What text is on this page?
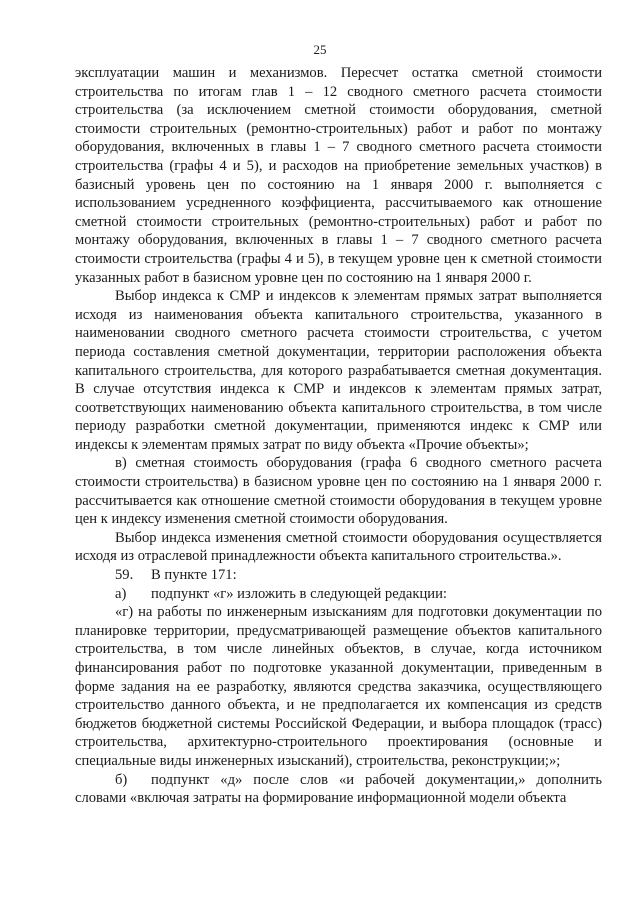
25

эксплуатации машин и механизмов. Пересчет остатка сметной стоимости строительства по итогам глав 1 – 12 сводного сметного расчета стоимости строительства (за исключением сметной стоимости оборудования, сметной стоимости строительных (ремонтно-строительных) работ и работ по монтажу оборудования, включенных в главы 1 – 7 сводного сметного расчета стоимости строительства (графы 4 и 5), и расходов на приобретение земельных участков) в базисный уровень цен по состоянию на 1 января 2000 г. выполняется с использованием усредненного коэффициента, рассчитываемого как отношение сметной стоимости строительных (ремонтно-строительных) работ и работ по монтажу оборудования, включенных в главы 1 – 7 сводного сметного расчета стоимости строительства (графы 4 и 5), в текущем уровне цен к сметной стоимости указанных работ в базисном уровне цен по состоянию на 1 января 2000 г.

Выбор индекса к СМР и индексов к элементам прямых затрат выполняется исходя из наименования объекта капитального строительства, указанного в наименовании сводного сметного расчета стоимости строительства, с учетом периода составления сметной документации, территории расположения объекта капитального строительства, для которого разрабатывается сметная документация. В случае отсутствия индекса к СМР и индексов к элементам прямых затрат, соответствующих наименованию объекта капитального строительства, в том числе периоду разработки сметной документации, применяются индекс к СМР или индексы к элементам прямых затрат по виду объекта «Прочие объекты»;

в) сметная стоимость оборудования (графа 6 сводного сметного расчета стоимости строительства) в базисном уровне цен по состоянию на 1 января 2000 г. рассчитывается как отношение сметной стоимости оборудования в текущем уровне цен к индексу изменения сметной стоимости оборудования.

Выбор индекса изменения сметной стоимости оборудования осуществляется исходя из отраслевой принадлежности объекта капитального строительства.».

59. В пункте 171:

а) подпункт «г» изложить в следующей редакции:

«г) на работы по инженерным изысканиям для подготовки документации по планировке территории, предусматривающей размещение объектов капитального строительства, в том числе линейных объектов, в случае, когда источником финансирования работ по подготовке указанной документации, приведенным в форме задания на ее разработку, являются средства заказчика, осуществляющего строительство данного объекта, и не предполагается их компенсация из средств бюджетов бюджетной системы Российской Федерации, и выбора площадок (трасс) строительства, архитектурно-строительного проектирования (основные и специальные виды инженерных изысканий), строительства, реконструкции;»;

б) подпункт «д» после слов «и рабочей документации,» дополнить словами «включая затраты на формирование информационной модели объекта
